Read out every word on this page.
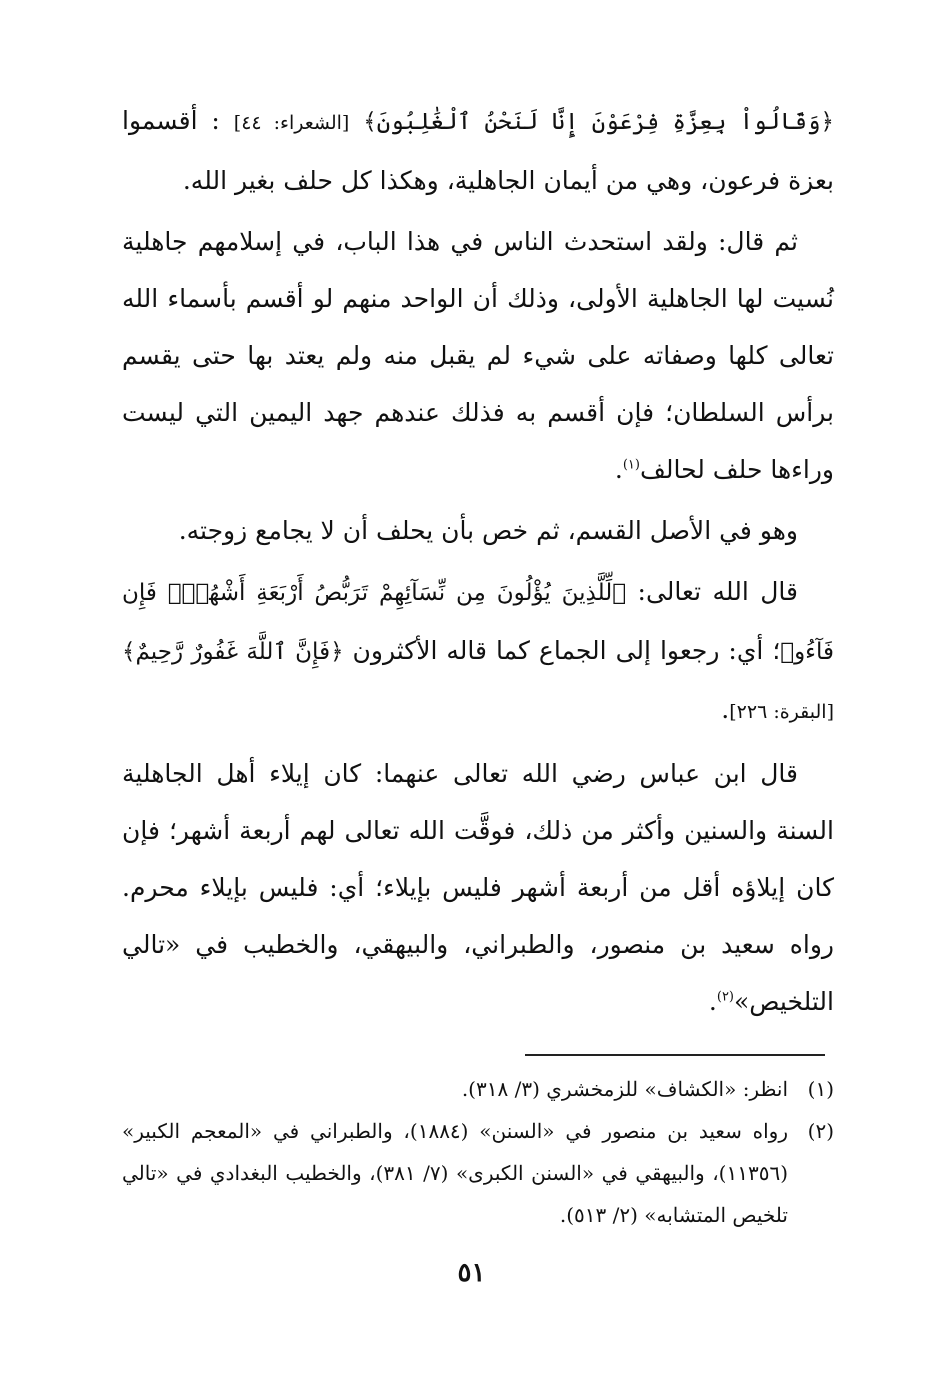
﴿وَقَالُواْ بِعِزَّةِ فِرْعَوْنَ إِنَّا لَنَحْنُ ٱلْغَٰلِبُونَ﴾ [الشعراء: ٤٤] : أقسموا بعزة فرعون، وهي من أيمان الجاهلية، وهكذا كل حلف بغير الله.

ثم قال: ولقد استحدث الناس في هذا الباب، في إسلامهم جاهلية نُسيت لها الجاهلية الأولى، وذلك أن الواحد منهم لو أقسم بأسماء الله تعالى كلها وصفاته على شيء لم يقبل منه ولم يعتد بها حتى يقسم برأس السلطان؛ فإن أقسم به فذلك عندهم جهد اليمين التي ليست وراءها حلف لحالف$^{(١)}$.

وهو في الأصل القسم، ثم خص بأن يحلف أن لا يجامع زوجته.

قال الله تعالى: ﴿لِّلَّذِينَ يُؤْلُونَ مِن نِّسَآئِهِمْ تَرَبُّصُ أَرْبَعَةِ أَشْهُرٍۖ فَإِن فَآءُو﴾؛ أي: رجعوا إلى الجماع كما قاله الأكثرون ﴿فَإِنَّ ٱللَّهَ غَفُورٌ رَّحِيمٌ﴾[البقرة: ٢٢٦].

قال ابن عباس رضي الله تعالى عنهما: كان إيلاء أهل الجاهلية السنة والسنين وأكثر من ذلك، فوقَّت الله تعالى لهم أربعة أشهر؛ فإن كان إيلاؤه أقل من أربعة أشهر فليس بإيلاء؛ أي: فليس بإيلاء محرم. رواه سعيد بن منصور، والطبراني، والبيهقي، والخطيب في «تالي التلخيص»$^{(٢)}$.

(١)
انظر: «الكشاف» للزمخشري (٣/ ٣١٨).

(٢)
رواه سعيد بن منصور في «السنن» (١٨٨٤)، والطبراني في «المعجم الكبير» (١١٣٥٦)، والبيهقي في «السنن الكبرى» (٧/ ٣٨١)، والخطيب البغدادي في «تالي تلخيص المتشابه» (٢/ ٥١٣).

٥١
